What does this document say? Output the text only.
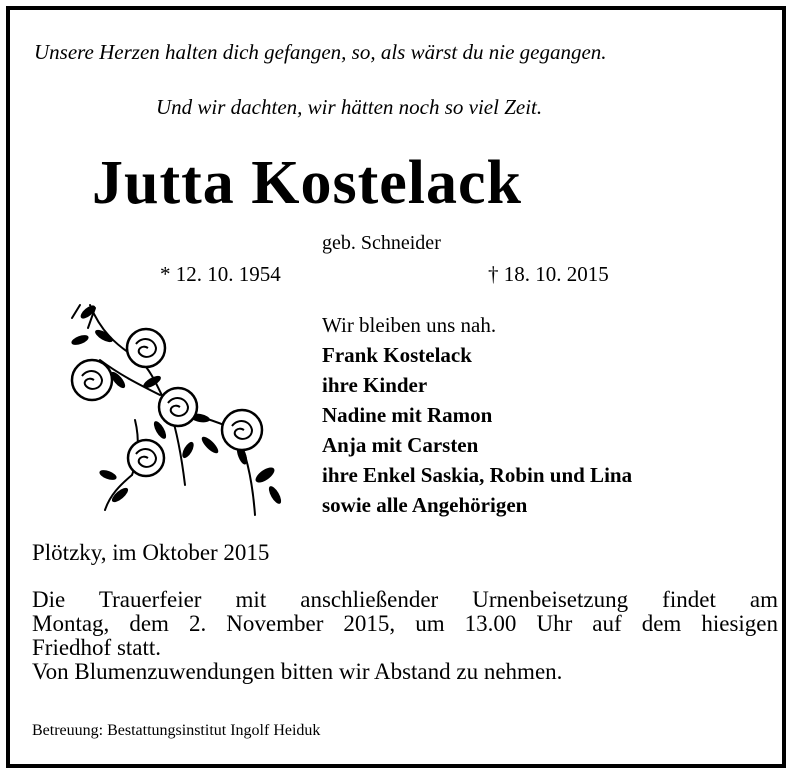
Unsere Herzen halten dich gefangen, so, als wärst du nie gegangen.
Und wir dachten, wir hätten noch so viel Zeit.
Jutta Kostelack
geb. Schneider
* 12. 10. 1954	† 18. 10. 2015
Wir bleiben uns nah.
Frank Kostelack
ihre Kinder
Nadine mit Ramon
Anja mit Carsten
ihre Enkel Saskia, Robin und Lina
sowie alle Angehörigen
Plötzky, im Oktober 2015
Die Trauerfeier mit anschließender Urnenbeisetzung findet am
Montag, dem 2. November 2015, um 13.00 Uhr auf dem hiesigen
Friedhof statt.
Von Blumenzuwendungen bitten wir Abstand zu nehmen.
Betreuung: Bestattungsinstitut Ingolf Heiduk
